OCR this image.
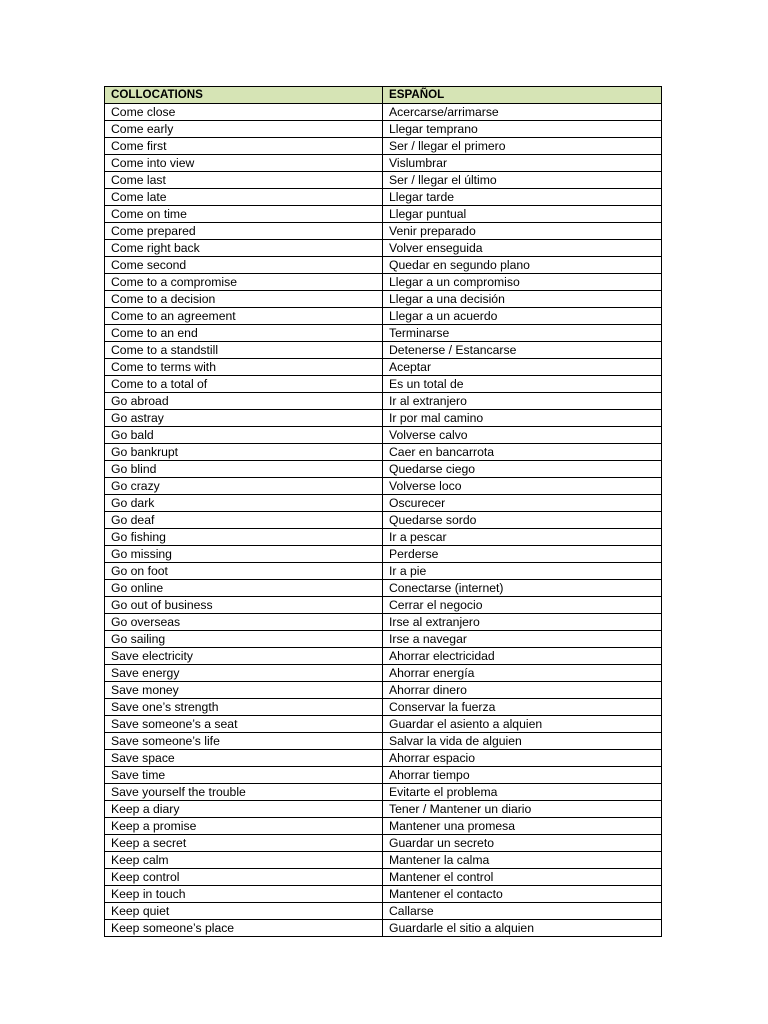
COLLOCATIONS	ESPAÑOL
Come close	Acercarse/arrimarse
Come early	Llegar temprano
Come first	Ser / llegar el primero
Come into view	Vislumbrar
Come last	Ser / llegar el último
Come late	Llegar tarde
Come on time	Llegar puntual
Come prepared	Venir preparado
Come right back	Volver enseguida
Come second	Quedar en segundo plano
Come to a compromise	Llegar a un compromiso
Come to a decision	Llegar a una decisión
Come to an agreement	Llegar a un acuerdo
Come to an end	Terminarse
Come to a standstill	Detenerse / Estancarse
Come to terms with	Aceptar
Come to a total of	Es un total de
Go abroad	Ir al extranjero
Go astray	Ir por mal camino
Go bald	Volverse calvo
Go bankrupt	Caer en bancarrota
Go blind	Quedarse ciego
Go crazy	Volverse loco
Go dark	Oscurecer
Go deaf	Quedarse sordo
Go fishing	Ir a pescar
Go missing	Perderse
Go on foot	Ir a pie
Go online	Conectarse (internet)
Go out of business	Cerrar el negocio
Go overseas	Irse al extranjero
Go sailing	Irse a navegar
Save electricity	Ahorrar electricidad
Save energy	Ahorrar energía
Save money	Ahorrar dinero
Save one’s strength	Conservar la fuerza
Save someone’s a seat	Guardar el asiento a alquien
Save someone’s life	Salvar la vida de alguien
Save space	Ahorrar espacio
Save time	Ahorrar tiempo
Save yourself the trouble	Evitarte el problema
Keep a diary	Tener / Mantener un diario
Keep a promise	Mantener una promesa
Keep a secret	Guardar un secreto
Keep calm	Mantener la calma
Keep control	Mantener el control
Keep in touch	Mantener el contacto
Keep quiet	Callarse
Keep someone’s place	Guardarle el sitio a alquien
